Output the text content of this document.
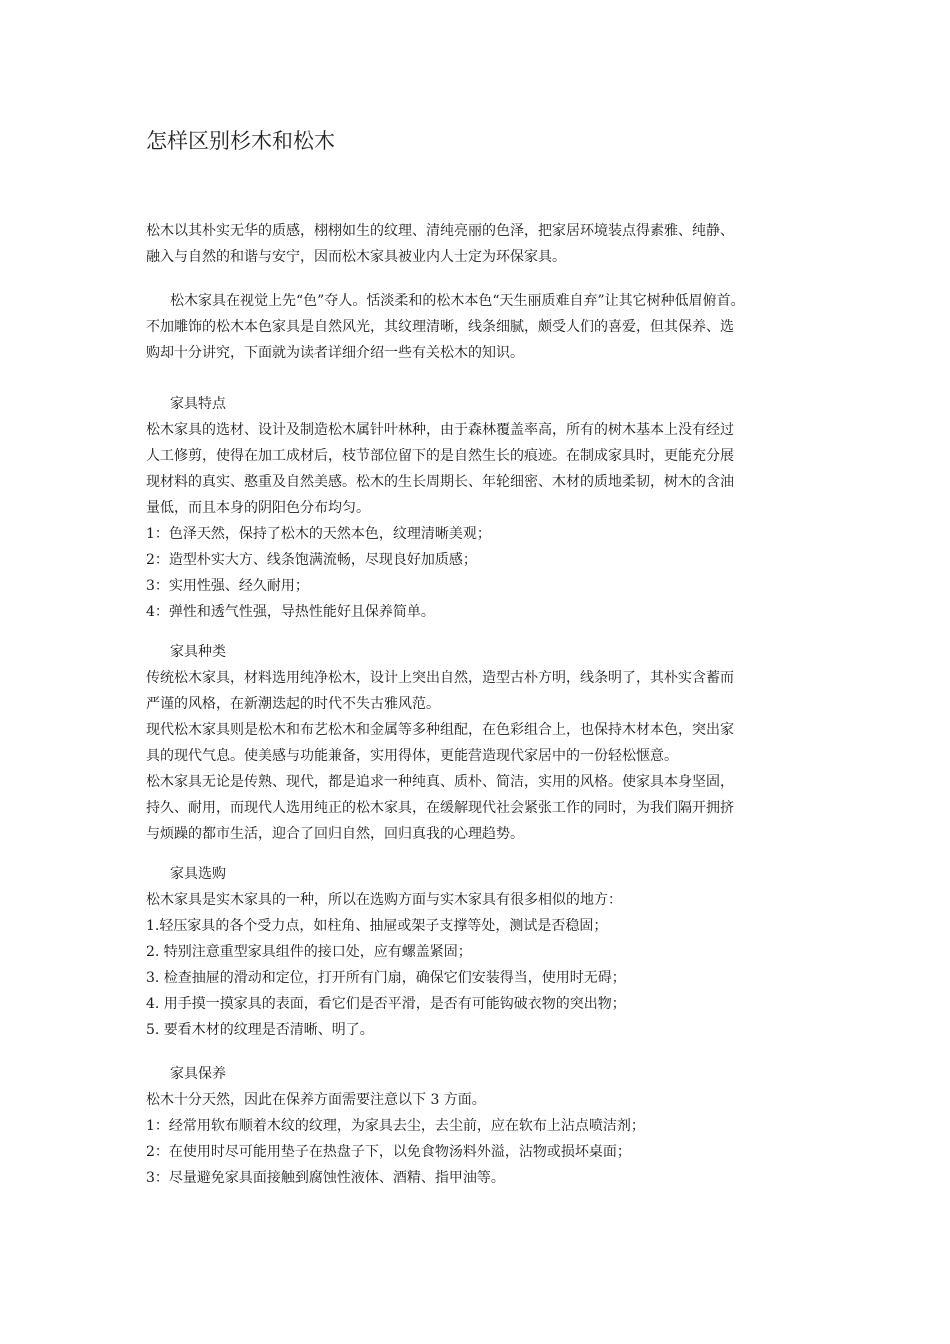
怎样区别杉木和松木
松木以其朴实无华的质感，栩栩如生的纹理、清纯亮丽的色泽，把家居环境装点得素雅、纯静、
融入与自然的和谐与安宁，因而松木家具被业内人士定为环保家具。
松木家具在视觉上先“色”夺人。恬淡柔和的松木本色“天生丽质难自弃”让其它树种低眉俯首。
不加雕饰的松木本色家具是自然风光，其纹理清晰，线条细腻，颇受人们的喜爱，但其保养、选
购却十分讲究，下面就为读者详细介绍一些有关松木的知识。
家具特点
松木家具的选材、设计及制造松木属针叶林种，由于森林覆盖率高，所有的树木基本上没有经过
人工修剪，使得在加工成材后，枝节部位留下的是自然生长的痕迹。在制成家具时，更能充分展
现材料的真实、憨重及自然美感。松木的生长周期长、年轮细密、木材的质地柔韧，树木的含油
量低，而且本身的阴阳色分布均匀。
1：色泽天然，保持了松木的天然本色，纹理清晰美观；
2：造型朴实大方、线条饱满流畅，尽现良好加质感；
3：实用性强、经久耐用；
4：弹性和透气性强，导热性能好且保养简单。
家具种类
传统松木家具，材料选用纯净松木，设计上突出自然，造型古朴方明，线条明了，其朴实含蓄而
严谨的风格，在新潮迭起的时代不失古雅风范。
现代松木家具则是松木和布艺松木和金属等多种组配，在色彩组合上，也保持木材本色，突出家
具的现代气息。使美感与功能兼备，实用得体，更能营造现代家居中的一份轻松惬意。
松木家具无论是传熟、现代，都是追求一种纯真、质朴、简洁，实用的风格。使家具本身坚固，
持久、耐用，而现代人选用纯正的松木家具，在缓解现代社会紧张工作的同时，为我们隔开拥挤
与烦躁的都市生活，迎合了回归自然，回归真我的心理趋势。
家具选购
松木家具是实木家具的一种，所以在选购方面与实木家具有很多相似的地方：
1.轻压家具的各个受力点，如柱角、抽屉或架子支撑等处，测试是否稳固；
2. 特别注意重型家具组件的接口处，应有螺盖紧固；
3. 检查抽屉的滑动和定位，打开所有门扇，确保它们安装得当，使用时无碍；
4. 用手摸一摸家具的表面，看它们是否平滑，是否有可能钩破衣物的突出物；
5. 要看木材的纹理是否清晰、明了。
家具保养
松木十分天然，因此在保养方面需要注意以下 3 方面。
1：经常用软布顺着木纹的纹理，为家具去尘，去尘前，应在软布上沾点喷洁剂；
2：在使用时尽可能用垫子在热盘子下，以免食物汤料外溢，沾物或损坏桌面；
3：尽量避免家具面接触到腐蚀性液体、酒精、指甲油等。
